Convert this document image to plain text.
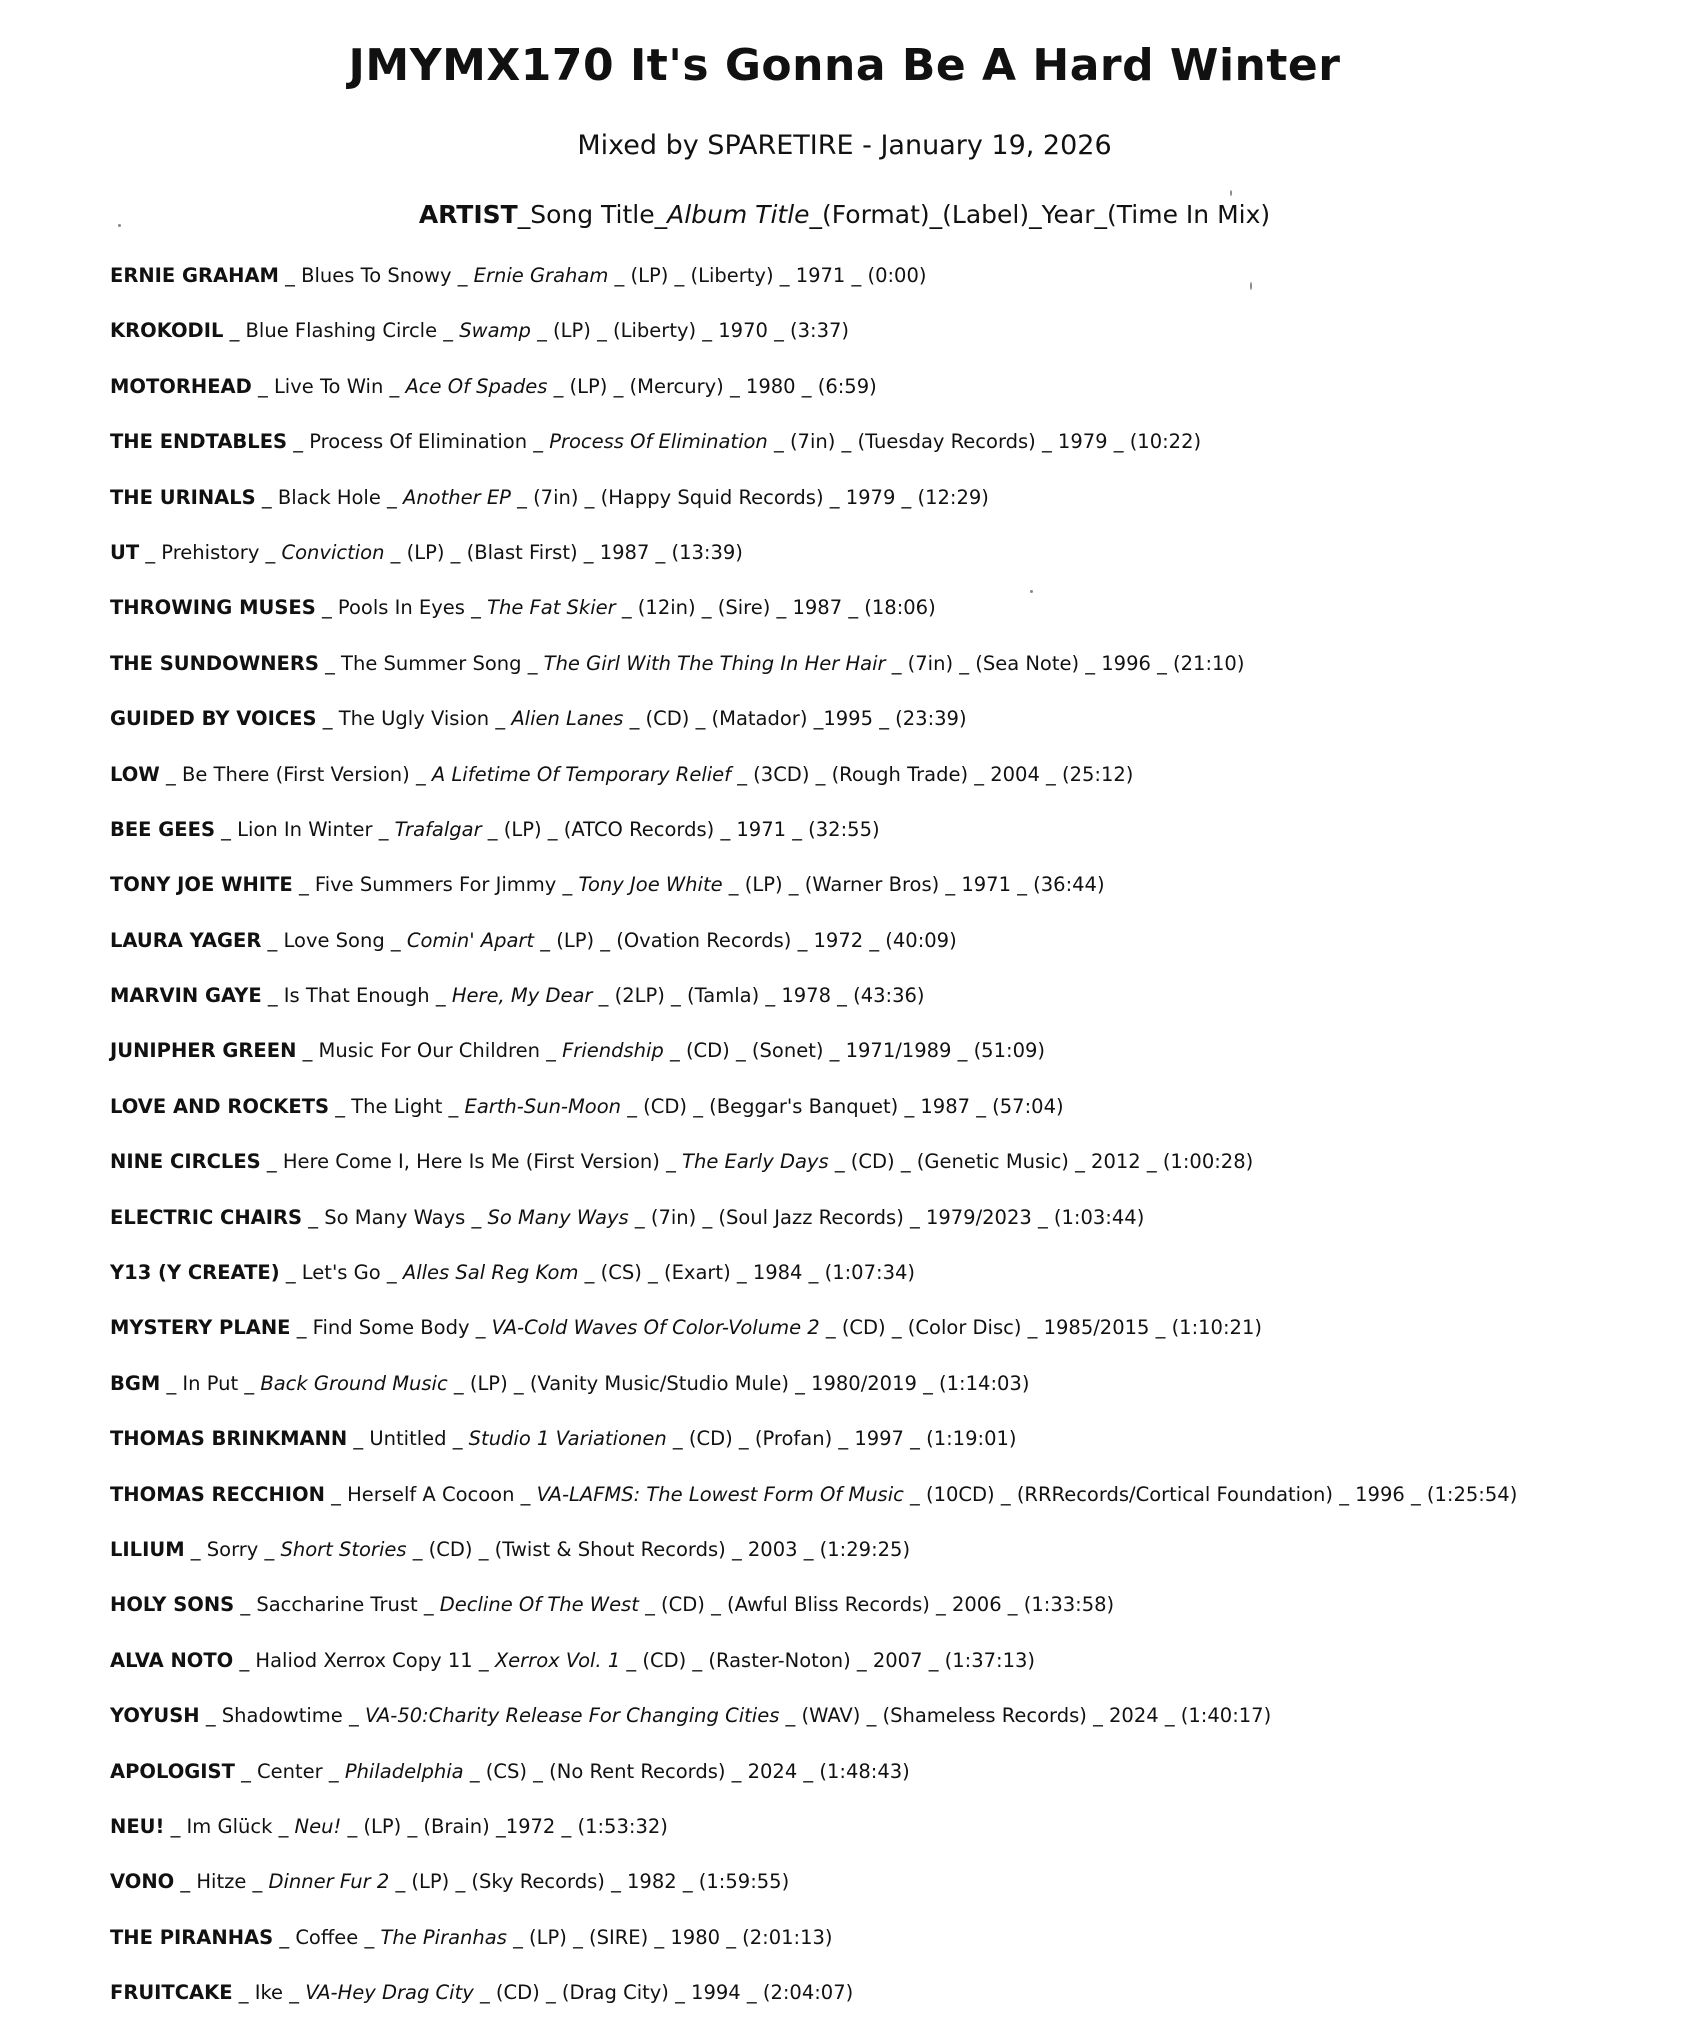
JMYMX170 It's Gonna Be A Hard Winter
Mixed by SPARETIRE - January 19, 2026
ARTIST_Song Title_Album Title_(Format)_(Label)_Year_(Time In Mix)
ERNIE GRAHAM _ Blues To Snowy _ Ernie Graham _ (LP) _ (Liberty) _ 1971 _ (0:00)
KROKODIL _ Blue Flashing Circle _ Swamp _ (LP) _ (Liberty) _ 1970 _ (3:37)
MOTORHEAD _ Live To Win _ Ace Of Spades _ (LP) _ (Mercury) _ 1980 _ (6:59)
THE ENDTABLES _ Process Of Elimination _ Process Of Elimination _ (7in) _ (Tuesday Records) _ 1979 _ (10:22)
THE URINALS _ Black Hole _ Another EP _ (7in) _ (Happy Squid Records) _ 1979 _ (12:29)
UT _ Prehistory _ Conviction _ (LP) _ (Blast First) _ 1987 _ (13:39)
THROWING MUSES _ Pools In Eyes _ The Fat Skier _ (12in) _ (Sire) _ 1987 _ (18:06)
THE SUNDOWNERS _ The Summer Song _ The Girl With The Thing In Her Hair _ (7in) _ (Sea Note) _ 1996 _ (21:10)
GUIDED BY VOICES _ The Ugly Vision _ Alien Lanes _ (CD) _ (Matador) _1995 _ (23:39)
LOW _ Be There (First Version) _ A Lifetime Of Temporary Relief _ (3CD) _ (Rough Trade) _ 2004 _ (25:12)
BEE GEES _ Lion In Winter _ Trafalgar _ (LP) _ (ATCO Records) _ 1971 _ (32:55)
TONY JOE WHITE _ Five Summers For Jimmy _ Tony Joe White _ (LP) _ (Warner Bros) _ 1971 _ (36:44)
LAURA YAGER _ Love Song _ Comin' Apart _ (LP) _ (Ovation Records) _ 1972 _ (40:09)
MARVIN GAYE _ Is That Enough _ Here, My Dear _ (2LP) _ (Tamla) _ 1978 _ (43:36)
JUNIPHER GREEN _ Music For Our Children _ Friendship _ (CD) _ (Sonet) _ 1971/1989 _ (51:09)
LOVE AND ROCKETS _ The Light _ Earth-Sun-Moon _ (CD) _ (Beggar's Banquet) _ 1987 _ (57:04)
NINE CIRCLES _ Here Come I, Here Is Me (First Version) _ The Early Days _ (CD) _ (Genetic Music) _ 2012 _ (1:00:28)
ELECTRIC CHAIRS _ So Many Ways _ So Many Ways _ (7in) _ (Soul Jazz Records) _ 1979/2023 _ (1:03:44)
Y13 (Y CREATE) _ Let's Go _ Alles Sal Reg Kom _ (CS) _ (Exart) _ 1984 _ (1:07:34)
MYSTERY PLANE _ Find Some Body _ VA-Cold Waves Of Color-Volume 2 _ (CD) _ (Color Disc) _ 1985/2015 _ (1:10:21)
BGM _ In Put _ Back Ground Music _ (LP) _ (Vanity Music/Studio Mule) _ 1980/2019 _ (1:14:03)
THOMAS BRINKMANN _ Untitled _ Studio 1 Variationen _ (CD) _ (Profan) _ 1997 _ (1:19:01)
THOMAS RECCHION _ Herself A Cocoon _ VA-LAFMS: The Lowest Form Of Music _ (10CD) _ (RRRecords/Cortical Foundation) _ 1996 _ (1:25:54)
LILIUM _ Sorry _ Short Stories _ (CD) _ (Twist & Shout Records) _ 2003 _ (1:29:25)
HOLY SONS _ Saccharine Trust _ Decline Of The West _ (CD) _ (Awful Bliss Records) _ 2006 _ (1:33:58)
ALVA NOTO _ Haliod Xerrox Copy 11 _ Xerrox Vol. 1 _ (CD) _ (Raster-Noton) _ 2007 _ (1:37:13)
YOYUSH _ Shadowtime _ VA-50:Charity Release For Changing Cities _ (WAV) _ (Shameless Records) _ 2024 _ (1:40:17)
APOLOGIST _ Center _ Philadelphia _ (CS) _ (No Rent Records) _ 2024 _ (1:48:43)
NEU! _ Im Glück _ Neu! _ (LP) _ (Brain) _1972 _ (1:53:32)
VONO _ Hitze _ Dinner Fur 2 _ (LP) _ (Sky Records) _ 1982 _ (1:59:55)
THE PIRANHAS _ Coffee _ The Piranhas _ (LP) _ (SIRE) _ 1980 _ (2:01:13)
FRUITCAKE _ Ike _ VA-Hey Drag City _ (CD) _ (Drag City) _ 1994 _ (2:04:07)
